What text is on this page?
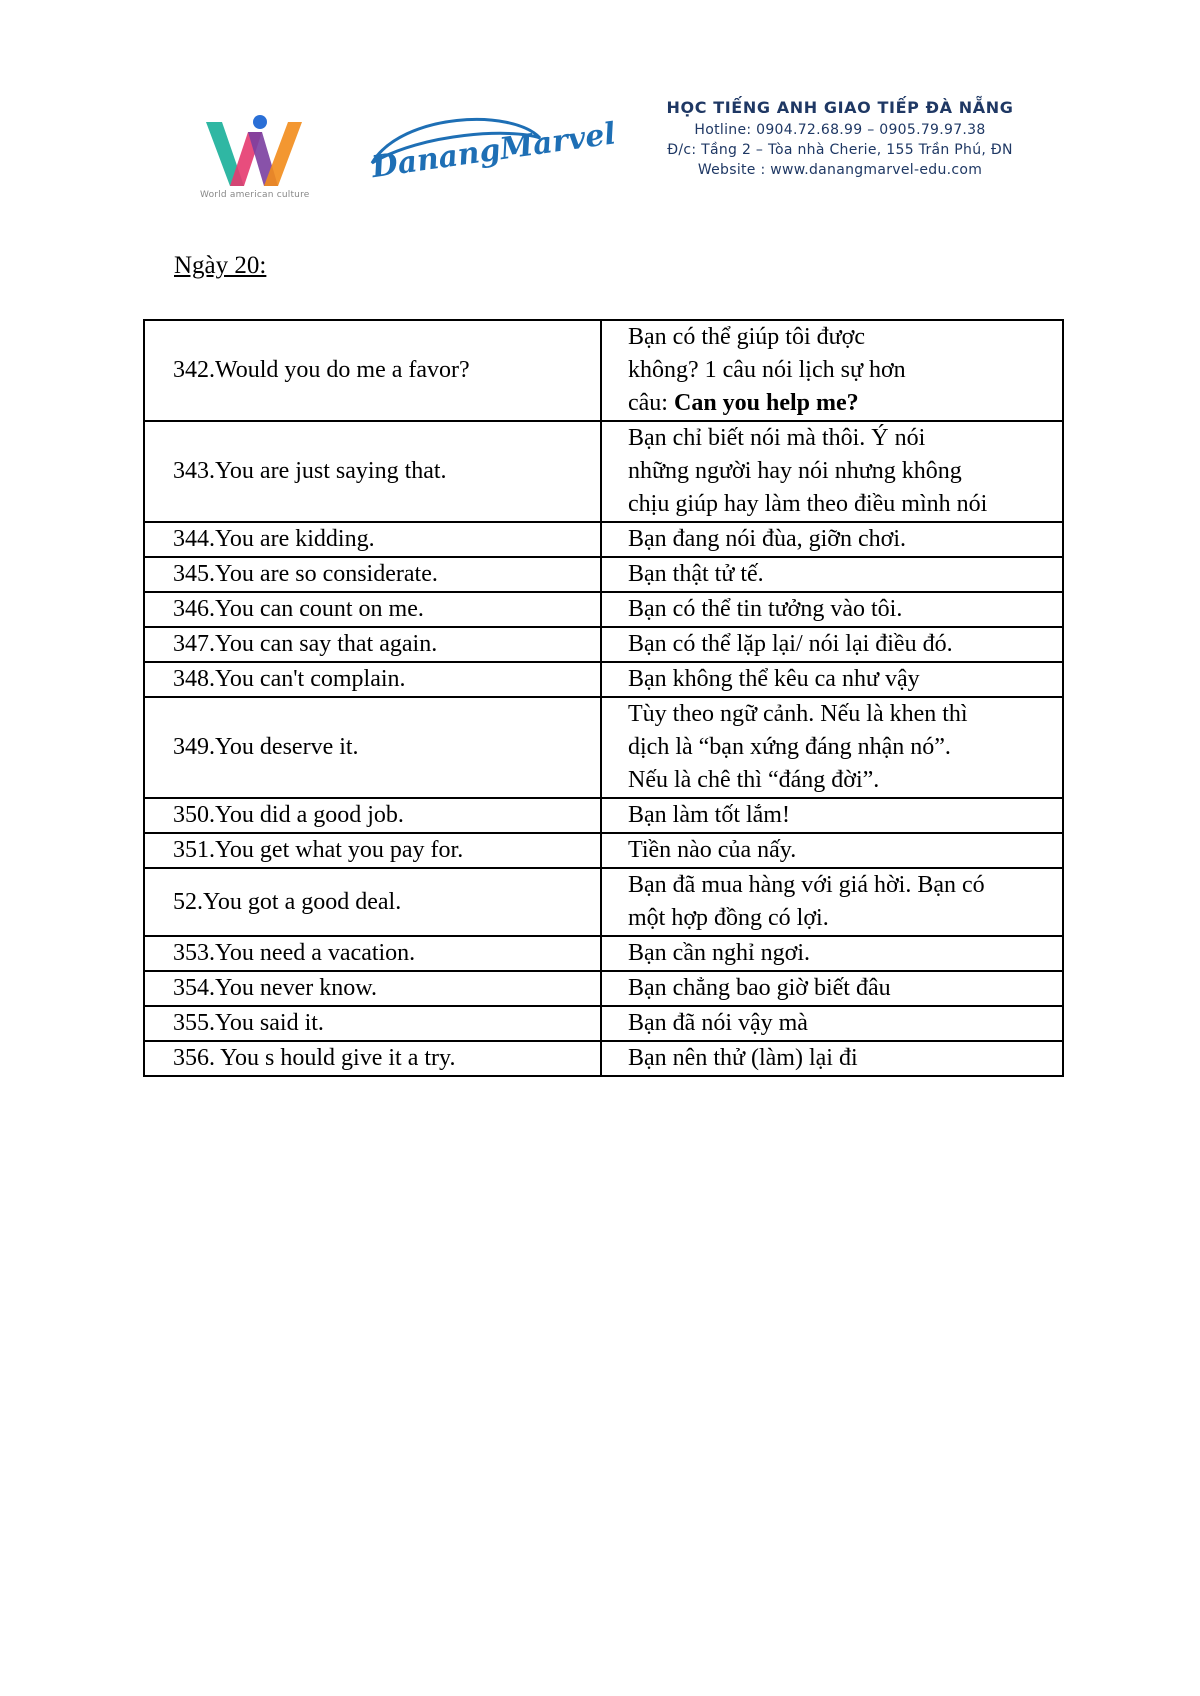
World american culture
DanangMarvel
HỌC TIẾNG ANH GIAO TIẾP ĐÀ NẴNG
Hotline: 0904.72.68.99 – 0905.79.97.38
Đ/c: Tầng 2 – Tòa nhà Cherie, 155 Trần Phú, ĐN
Website : www.danangmarvel-edu.com
Ngày 20:
342.Would you do me a favor?	Bạn có thể giúp tôi được
không? 1 câu nói lịch sự hơn
câu: Can you help me?

343.You are just saying that.	Bạn chỉ biết nói mà thôi. Ý nói
những người hay nói nhưng không
chịu giúp hay làm theo điều mình nói

344.You are kidding.	Bạn đang nói đùa, giỡn chơi.

345.You are so considerate.	Bạn thật tử tế.

346.You can count on me.	Bạn có thể tin tưởng vào tôi.

347.You can say that again.	Bạn có thể lặp lại/ nói lại điều đó.

348.You can't complain.	Bạn không thể kêu ca như vậy

349.You deserve it.	Tùy theo ngữ cảnh. Nếu là khen thì
dịch là “bạn xứng đáng nhận nó”.
Nếu là chê thì “đáng đời”.

350.You did a good job.	Bạn làm tốt lắm!

351.You get what you pay for.	Tiền nào của nấy.

52.You got a good deal.	Bạn đã mua hàng với giá hời. Bạn có
một hợp đồng có lợi.

353.You need a vacation.	Bạn cần nghỉ ngơi.

354.You never know.	Bạn chẳng bao giờ biết đâu

355.You said it.	Bạn đã nói vậy mà

356. You s hould give it a try.	Bạn nên thử (làm) lại đi
